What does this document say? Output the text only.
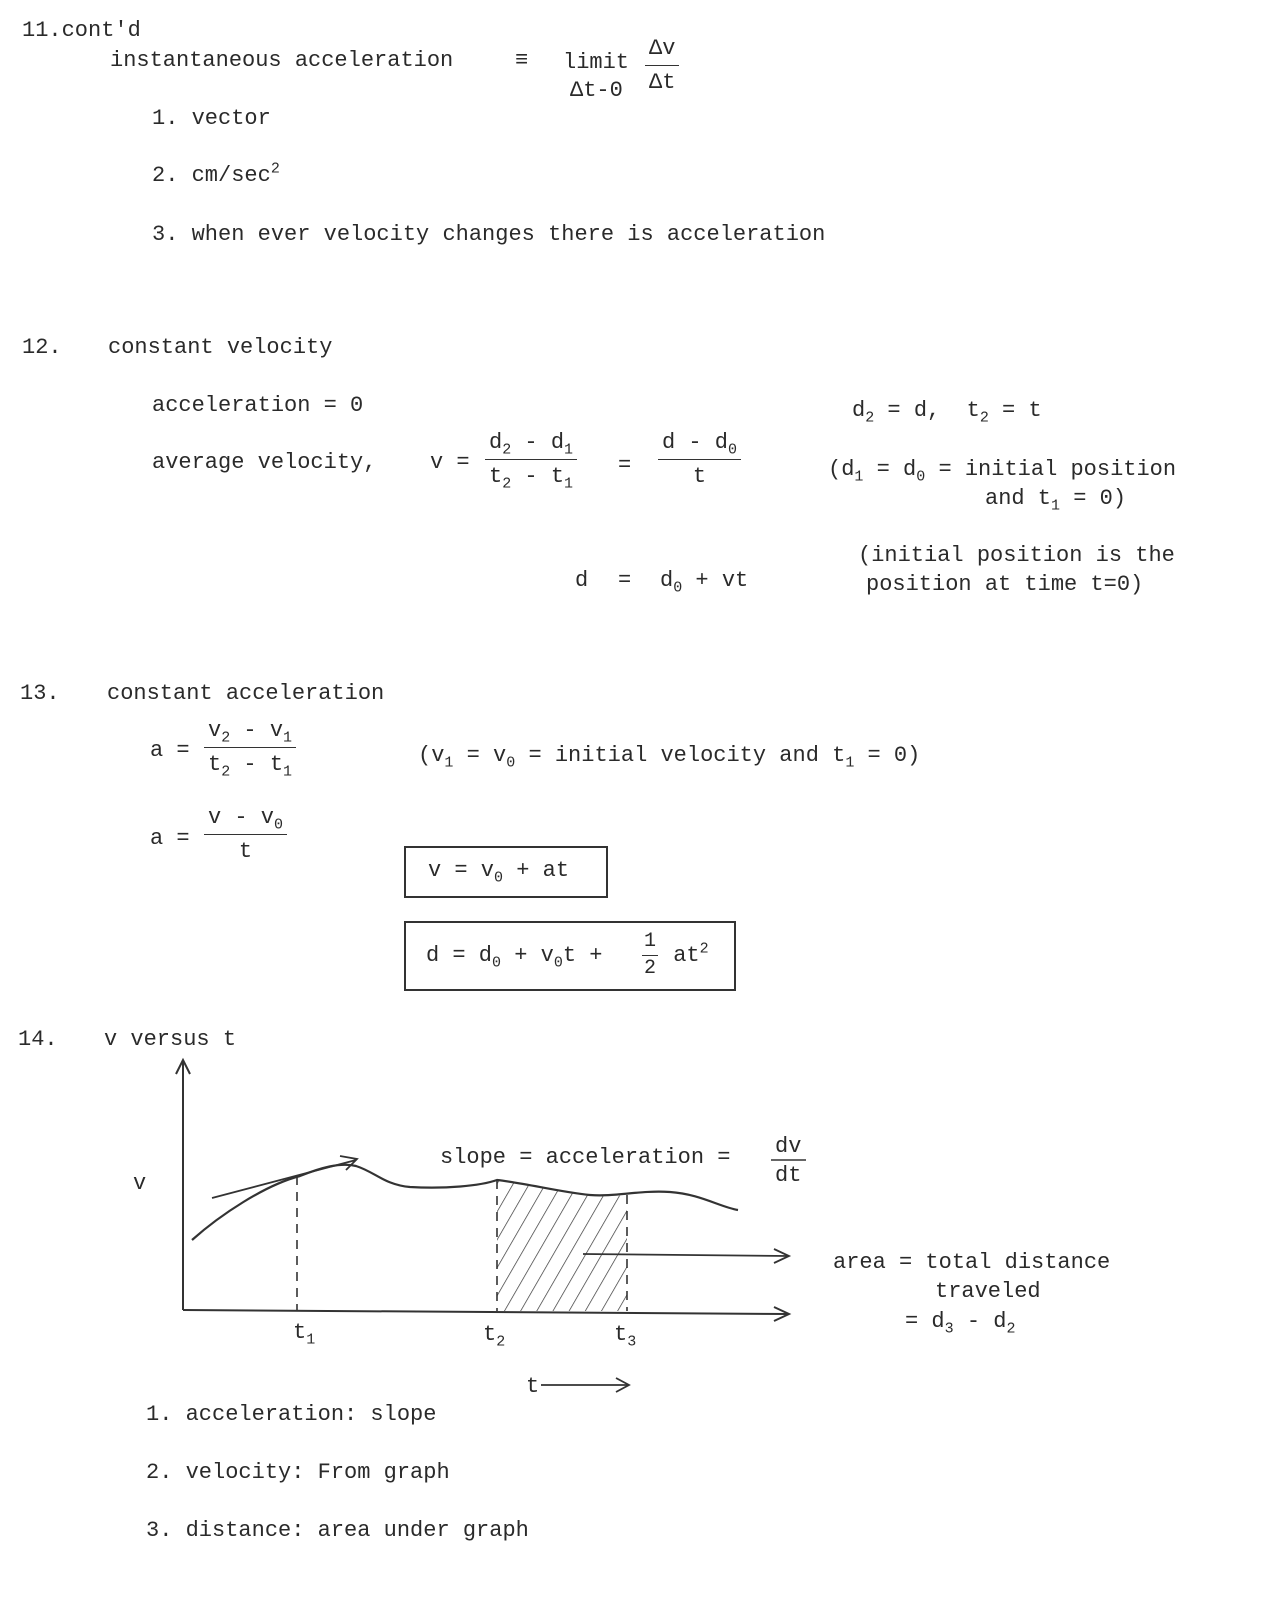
11.cont'd
instantaneous acceleration	≡ limit
$\Delta t-0 \frac{\Delta v}{\Delta t}$
1. vector
2. $cm/\sec^2$
3. when ever velocity changes there is acceleration
12. constant velocity
acceleration = 0
average velocity, $v = \frac{d_2 - d_1}{t_2 - t_1} = \frac{d - d_0}{t}$
$d = d_0$ + vt
$d_2 = d$,  $t_2 = t$
($d_1 = d_0$ = initial position
and $t_1 = 0$)
(initial position is the
position at time t=0)
13. constant acceleration
$a = \frac{v_2 - v_1}{t_2 - t_1}$	($v_1 = v_0$ = initial velocity and $t_1 = 0$)
$a = \frac{v - v_0}{t}$
$v = v_0$ + at
$d = d_0 + v_0t + \frac{1}{2} at^2$
14. v versus t
v
slope = acceleration = dv
dt
$t_1$	$t_2$	$t_3$
t
area = total distance
traveled
= $d_3 - d_2$
1. acceleration: slope
2. velocity: From graph
3. distance: area under graph
